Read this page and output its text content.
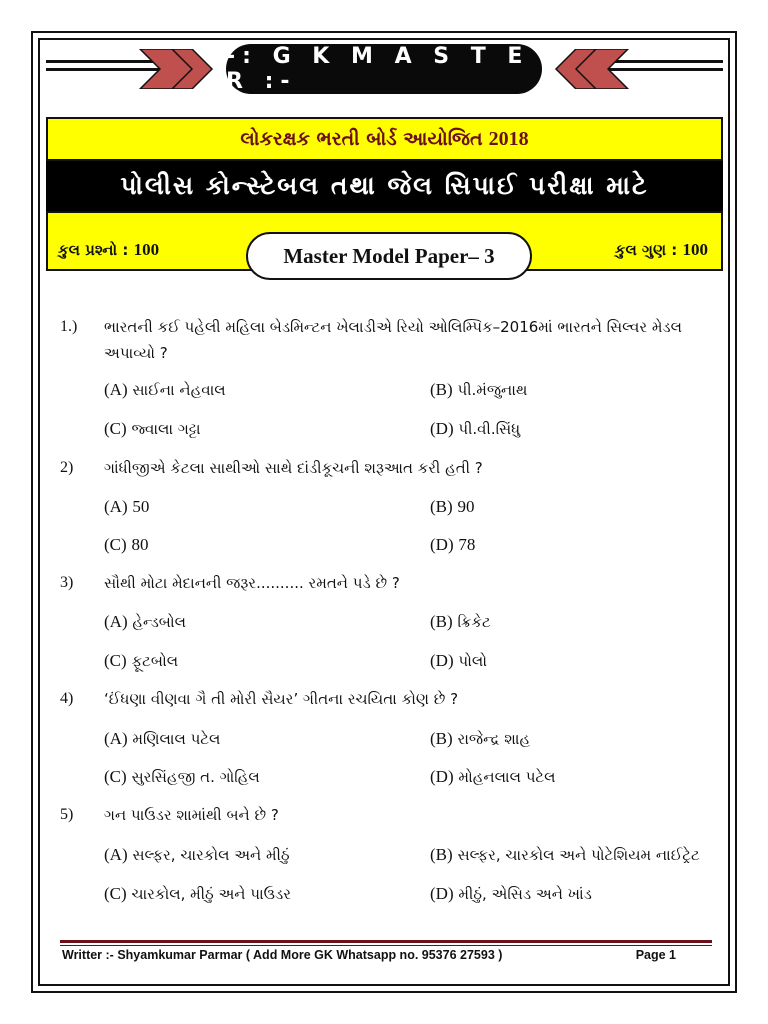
-: G K M A S T E R :-
લોકરક્ષક ભરતી બોર્ડ આયોજિત 2018
પોલીસ કોન્સ્ટેબલ તથા જેલ સિપાઈ પરીક્ષા માટે
કુલ પ્રશ્નો : 100	Master Model Paper– 3	કુલ ગુણ : 100
1.) ભારતની કઈ પહેલી મહિલા બેડમિન્ટન ખેલાડીએ રિયો ઓલિમ્પિક–2016માં ભારતને સિલ્વર મેડલ
અપાવ્યો ?
(A) સાઈના નેહવાલ	(B) પી.મંજુનાથ
(C) જ્વાલા ગટ્ટા	(D) પી.વી.સિંધુ
2) ગાંધીજીએ કેટલા સાથીઓ સાથે દાંડીકૂચની શરૂઆત કરી હતી ?
(A) 50	(B) 90
(C) 80	(D) 78
3) સૌથી મોટા મેદાનની જરૂર.......... રમતને પડે છે ?
(A) હેન્ડબોલ	(B) ક્રિકેટ
(C) ફૂટબોલ	(D) પોલો
4) ‘ઈંધણા વીણવા ગૈ તી મોરી સૈયર’ ગીતના રચયિતા કોણ છે ?
(A) મણિલાલ પટેલ	(B) રાજેન્દ્ર શાહ
(C) સુરસિંહજી ત. ગોહિલ	(D) મોહનલાલ પટેલ
5) ગન પાઉડર શામાંથી બને છે ?
(A) સલ્ફર, ચારકોલ અને મીઠું	(B) સલ્ફર, ચારકોલ અને પોટેશિયમ નાઈટ્રેટ
(C) ચારકોલ, મીઠું અને પાઉડર	(D) મીઠું, એસિડ અને ખાંડ
Writter :- Shyamkumar Parmar ( Add More GK Whatsapp no. 95376 27593 )	Page 1
